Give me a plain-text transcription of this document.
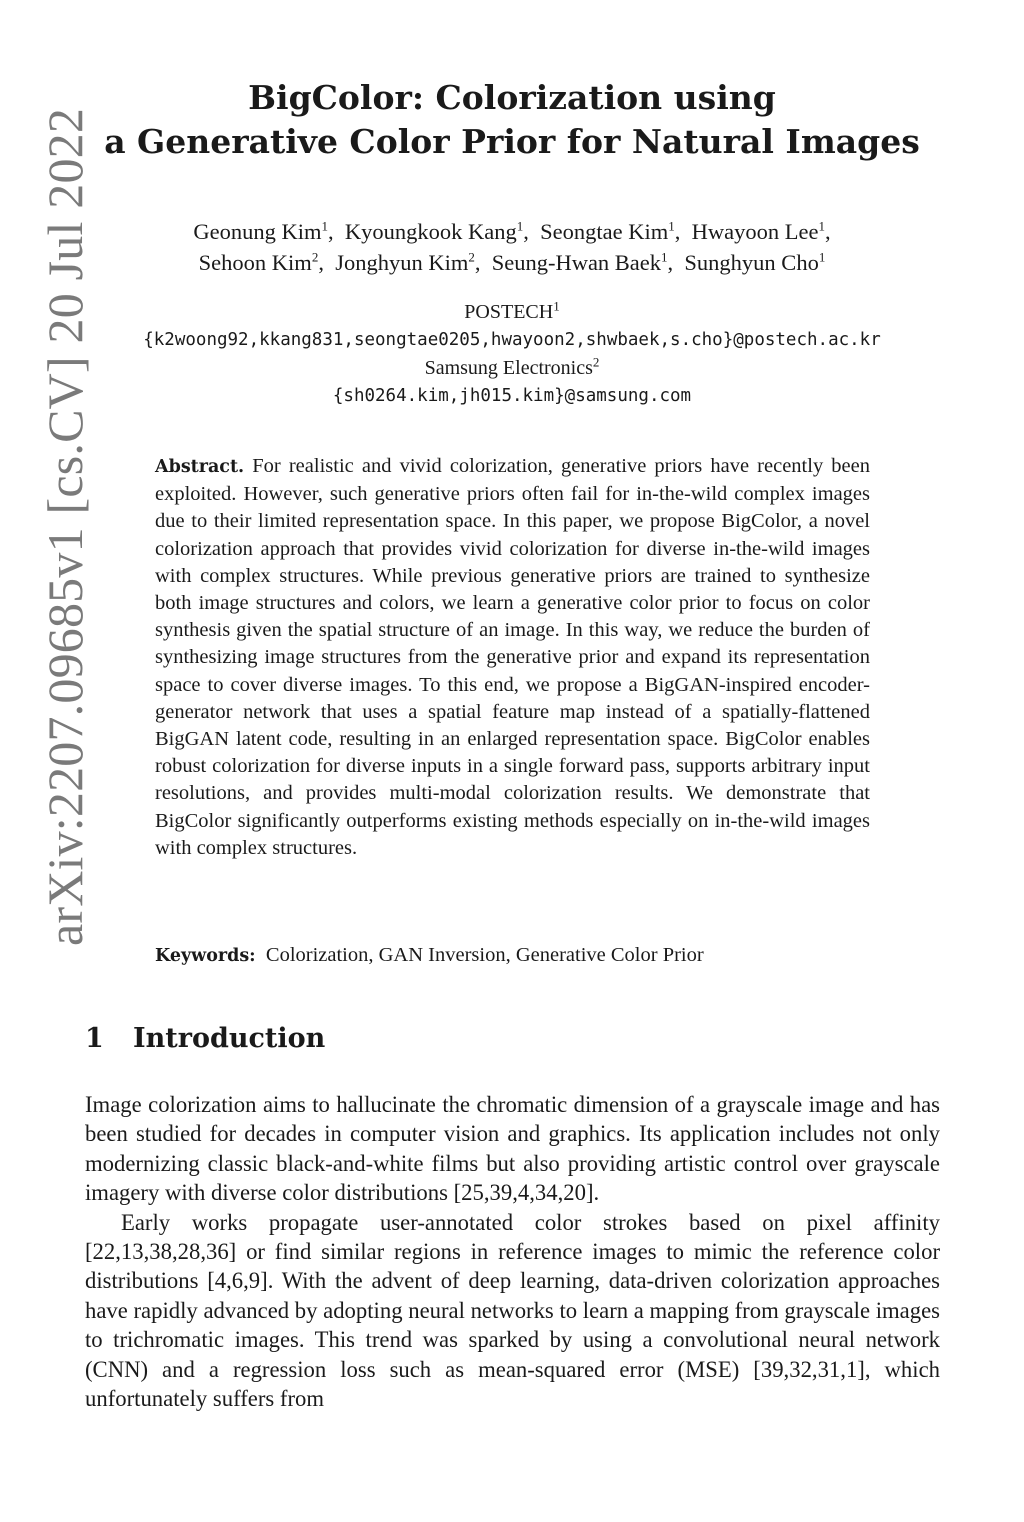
arXiv:2207.09685v1 [cs.CV] 20 Jul 2022
BigColor: Colorization using
a Generative Color Prior for Natural Images
Geonung Kim$^1$,  Kyoungkook Kang$^1$,  Seongtae Kim$^1$,  Hwayoon Lee$^1$,
Sehoon Kim$^2$,  Jonghyun Kim$^2$,  Seung-Hwan Baek$^1$,  Sunghyun Cho$^1$
POSTECH$^1$
{k2woong92,kkang831,seongtae0205,hwayoon2,shwbaek,s.cho}@postech.ac.kr
Samsung Electronics$^2$
{sh0264.kim,jh015.kim}@samsung.com

Abstract. For realistic and vivid colorization, generative priors have recently been exploited. However, such generative priors often fail for in-the-wild complex images due to their limited representation space. In this paper, we propose BigColor, a novel colorization approach that provides vivid colorization for diverse in-the-wild images with complex structures. While previous generative priors are trained to synthesize both image structures and colors, we learn a generative color prior to focus on color synthesis given the spatial structure of an image. In this way, we reduce the burden of synthesizing image structures from the generative prior and expand its representation space to cover diverse images. To this end, we propose a BigGAN-inspired encoder-generator network that uses a spatial feature map instead of a spatially-flattened BigGAN latent code, resulting in an enlarged representation space. BigColor enables robust colorization for diverse inputs in a single forward pass, supports arbitrary input resolutions, and provides multi-modal colorization results. We demonstrate that BigColor significantly outperforms existing methods especially on in-the-wild images with complex structures.

Keywords: Colorization, GAN Inversion, Generative Color Prior

1 Introduction

Image colorization aims to hallucinate the chromatic dimension of a grayscale image and has been studied for decades in computer vision and graphics. Its application includes not only modernizing classic black-and-white films but also providing artistic control over grayscale imagery with diverse color distributions [25,39,4,34,20].

Early works propagate user-annotated color strokes based on pixel affinity [22,13,38,28,36] or find similar regions in reference images to mimic the reference color distributions [4,6,9]. With the advent of deep learning, data-driven colorization approaches have rapidly advanced by adopting neural networks to learn a mapping from grayscale images to trichromatic images. This trend was sparked by using a convolutional neural network (CNN) and a regression loss such as mean-squared error (MSE) [39,32,31,1], which unfortunately suffers from
